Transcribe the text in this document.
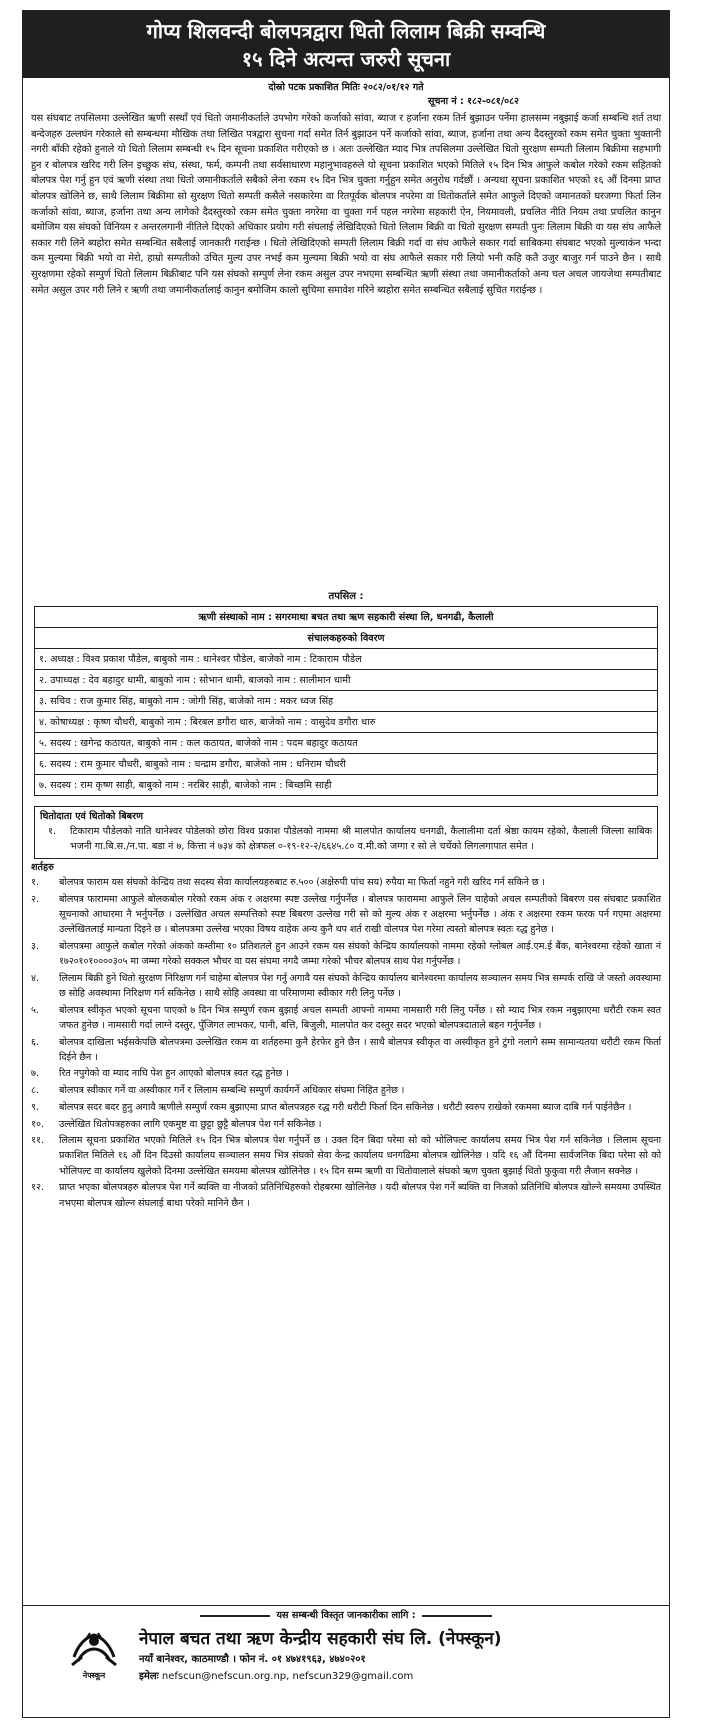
गोप्य शिलवन्दी बोलपत्रद्वारा धितो लिलाम बिक्री सम्वन्धि
१५ दिने अत्यन्त जरुरी सूचना
दोस्रो पटक प्रकाशित मितिः २०८२/०१/१२ गते
सूचना नं : १८२-०८१/०८२
यस संघबाट तपसिलमा उल्लेखित ऋणी सस्थाँ एवं धितो जमानीकर्ताले उपभोग गरेको कर्जाको सांवा, ब्याज र हर्जाना रकम तिर्न बुझाउन पर्नेमा हालसम्म नबुझाई कर्जा सम्बन्धि शर्त तथा बन्देजहरु उल्लघंन गरेकाले सो सम्बन्धमा मौखिक तथा लिखित पत्रद्वारा सुचना गर्दा समेत तिर्न बुझाउन पर्ने कर्जाको सांवा, ब्याज, हर्जाना तथा अन्य दैदस्तुरको रकम समेत चुक्ता भुक्तानी नगरी बाँकी रहेको हुनाले यो धितो लिलाम सम्बन्धी १५ दिन सूचना प्रकाशित गरीएको छ । अतः उल्लेखित म्याद भित्र तपसिलमा उल्लेखित धितो सुरक्षण सम्पती लिलाम बिक्रीमा सहभागी हुन र बोलपत्र खरिद गरी लिन इच्छुक संघ, संस्था, फर्म, कम्पनी तथा सर्वसाधारण महानुभावहरुले यो सूचना प्रकाशित भएको मितिले १५ दिन भित्र आफुले कबोल गरेको रकम सहितको बोलपत्र पेश गर्नु हुन एवं ऋणी संस्था तथा धितो जमानीकर्ताले सबैको लेना रकम १५ दिन भित्र चुक्ता गर्नुहुन समेत अनुरोध गर्दछौं । अन्यथा सूचना प्रकाशित भएको १६ औं दिनमा प्राप्त बोलपत्र खोलिने छ, साथै लिलाम बिक्रीमा सो सुरक्षण धितो सम्पती कसैले नसकारेमा वा रितपूर्वक बोलपत्र नपरेमा वा धितोकर्ताले समेत आफुले दिएको जमानतको घरजग्गा फिर्ता लिन कर्जाको सांवा, ब्याज, हर्जाना तथा अन्य लागेको दैदस्तुरको रकम समेत चुक्ता नगरेमा वा चुक्ता गर्न पहल नगरेमा सहकारी ऐन, नियमावली, प्रचलित नीति नियम तथा प्रचलित कानुन बमोजिम यस संघको विनियम र अन्तरलगानी नीतिले दिएको अधिकार प्रयोग गरी संघलाई लेखिदिएको धितो लिलाम बिक्री वा धितो सुरक्षण सम्पती पुनः लिलाम बिक्री वा यस संघ आफैले सकार गरी लिने ब्यहोरा समेत सम्बन्धित सबैलाई जानकारी गराईन्छ । धितो लेखिदिएको सम्पती लिलाम बिक्री गर्दा वा संघ आफैले सकार गर्दा साबिकमा संघबाट भएको मुल्याकंन भन्दा कम मुल्यमा बिक्री भयो वा मेरो, हाम्रो सम्पतीको उचित मुल्य उपर नभई कम मुल्यमा बिक्री भयो वा संघ आफैले सकार गरी लियो भनी कहि कतै उजुर बाजुर गर्न पाउने छैन । साथै सुरक्षणमा रहेको सम्पुर्ण धितो लिलाम बिक्रीबाट पनि यस संघको सम्पुर्ण लेना रकम असुल उपर नभएमा सम्बन्धित ऋणी संस्था तथा जमानीकर्ताको अन्य चल अचल जायजेथा सम्पतीबाट समेत असुल उपर गरी लिने र ऋणी तथा जमानीकर्तालाई कानुन बमोजिम कालो सुचिमा समावेश गरिने ब्यहोरा समेत सम्बन्धित सबैलाई सुचित गराईन्छ ।
तपसिल :
ऋणी संस्थाको नाम : सगरमाथा बचत तथा ऋण सहकारी संस्था लि, धनगढी, कैलाली
संचालकहरुको विवरण
१. अध्यक्ष : विश्व प्रकाश पौडेल, बाबुको नाम : थानेश्वर पौडेल, बाजेको नाम : टिकाराम पौडेल
२. उपाध्यक्ष : देव बहादुर धामी, बाबुको नाम : सोभान धामी, बाजको नाम : सालीमान धामी
३. सचिव : राज कुमार सिंह, बाबुको नाम : जोगी सिंह, बाजेको नाम : मकर ध्वज सिंह
४. कोषाध्यक्ष : कृष्ण चौधरी, बाबुको नाम : बिरबल डगौरा थारु, बाजेको नाम : वासुदेव डगौरा थारु
५. सदस्य : खगेन्द्र कठायत, बाबुको नाम : कल कठायत, बाजेको नाम : पदम बहादुर कठायत
६. सदस्य : राम कुमार चौधरी, बाबुको नाम : चन्द्राम डगौरा, बाजेको नाम : धनिराम चौधरी
७. सदस्य : राम कृष्ण साही, बाबुको नाम : नरबिर साही, बाजेको नाम : बिच्छमि साही
धितोदाता एवं धितोको बिबरण
१.	टिकाराम पौडेलको नाति थानेश्वर पोडेलको छोरा विश्व प्रकाश पौडेलको नाममा श्री मालपोत कार्यालय धनगढी, कैलालीमा दर्ता श्रेष्ठा कायम रहेको, कैलाली जिल्ला साबिक भजनी गा.बि.स./न.पा. बडा नं ७, कित्ता नं ७३४ को क्षेत्रफल ०-१९-१२-२/६६४५.८० व.मी.को जग्गा र सो ले चर्चेको लिगलगापात समेत ।
शर्तहरु
१.	बोलपत्र फाराम यस संघको केन्द्रिय तथा सदस्य सेवा कार्यालयहरुबाट रु.५०० (अक्षेरुपी पांच सय) रुपैया मा फिर्ता नहुने गरी खरिद गर्न सकिने छ ।
२.	बोलपत्र फाराममा आफुले बोलकबोल गरेको रकम अंक र अक्षरमा स्पष्ट उल्लेख गर्नुपर्नेछ । बोलपत्र फाराममा आफुले लिन चाहेको अचल सम्पतीको बिबरण यस संघबाट प्रकाशित सूचनाको आधारमा नै भर्नुपर्नेछ । उल्लेखित अचल सम्पत्तिको स्पष्ट बिबरण उल्लेख गरी सो को मुल्य अंक र अक्षरमा भर्नुपर्नेछ । अंक र अक्षरमा रकम फरक पर्न गएमा अक्षरमा उल्लेखितलाई मान्यता दिइने छ । बोलपत्रमा उल्लेख भएका विषय वाहेक अन्य कुनै थप शर्त राखी वोलपत्र पेश गरेमा त्यस्तो बोलपत्र स्वतः रद्ध हुनेछ ।
३.	बोलपत्रमा आफुले कबोल गरेको अंकको कम्तीमा १० प्रतिशतले हुन आउने रकम यस संघको केन्द्रिय कार्यालयको नाममा रहेको ग्लोबल आई.एम.ई बैंक, बानेश्वरमा रहेको खाता नं १७२०१०१००००३०५ मा जम्मा गरेको सक्कल भौचर वा यस संघमा नगदै जम्मा गरेको भौचर बोलपत्र साथ पेश गर्नुपर्नेछ ।
४.	लिलाम बिक्री हुने धितो सुरक्षण निरिक्षण गर्न चाहेमा बोलपत्र पेश गर्नु अगावै यस संघको केन्द्रिय कार्यालय बानेश्वरमा कार्यालय सञ्चालन समय भित्र सम्पर्क राखि जे जस्तो अवस्थामा छ सोहि अवस्थामा निरिक्षण गर्न सकिनेछ । साथै सोहि अवस्था वा परिमाणमा स्वीकार गरी लिनु पर्नेछ ।
५.	बोलपत्र स्वीकृत भएको सूचना पाएको ७ दिन भित्र सम्पुर्ण रकम बुझाई अचल सम्पती आफ्नो नाममा नामसारी गरी लिनु पर्नेछ । सो म्याद भित्र रकम नबुझाएमा धरौटी रकम स्वत जफत हुनेछ । नामसारी गर्दा लाग्ने दस्तुर, पुँजिगत लाभकर, पानी, बत्ति, बिजुली, मालपोत कर दस्तुर सदर भएको बोलपत्रदाताले बहन गर्नुपर्नेछ ।
६.	बोलपत्र दाखिला भईसकेपछि बोलपत्रमा उल्लेखित रकम वा शर्तहरुमा कुनै हेरफेर हुने छैन । साथै बोलपत्र स्वीकृत वा अस्वीकृत हुने टुंगो नलागे सम्म सामान्यतया धरौटी रकम फिर्ता दिईने छैन ।
७.	रित नपुगेको वा म्याद नाघि पेश हुन आएको बोलपत्र स्वत रद्ध हुनेछ ।
८.	बोलपत्र स्वीकार गर्ने वा अस्वीकार गर्ने र लिलाम सम्बन्धि सम्पुर्ण कार्यगर्ने अधिकार संघमा निहित हुनेछ ।
९.	बोलपत्र सदर बदर हुनु अगावै ऋणीले सम्पुर्ण रकम बुझाएमा प्राप्त बोलपत्रहरु रद्ध गरी धरौटी फिर्ता दिन सकिनेछ । धरौटी स्वरुप राखेको रकममा ब्याज दाबि गर्न पाईनेछैन ।
१०.	उल्लेखित धितोपत्रहरुका लागि एकमुष्ट वा छुट्टा छुट्टै बोलपत्र पेश गर्न सकिनेछ ।
११.	लिलाम सूचना प्रकाशित भएको मितिले १५ दिन भित्र बोलपत्र पेश गर्नुपर्ने छ । उक्त दिन बिदा परेमा सो को भोलिपल्ट कार्यालय समय भित्र पेश गर्न सकिनेछ । लिलाम सूचना प्रकाशित मितिले १६ औं दिन दिउसो कार्यालय सञ्चालन समय भित्र संघको सेवा केन्द्र कार्यालय धनगढिमा बोलपत्र खोलिनेछ । यदि १६ औं दिनमा सार्वजनिक बिदा परेमा सो को भोलिपल्ट वा कार्यालय खुलेको दिनमा उल्लेखित समयमा बोलपत्र खोलिनेछ । १५ दिन सम्म ऋणी वा धितोवालाले संघको ऋण चुक्ता बुझाई धितो फुकुवा गरी लैजान सक्नेछ ।
१२.	प्राप्त भएका बोलपत्रहरु बोलपत्र पेश गर्ने ब्यक्ति वा नीजको प्रतिनिधिहरुको रोहबरमा खोलिनेछ । यदी बोलपत्र पेश गर्ने ब्यक्ति वा निजको प्रतिनिधि बोलपत्र खोल्ने समयमा उपस्थित नभएमा बोलपत्र खोल्न संघलाई बाधा परेको मानिने छैन ।
यस सम्बन्धी विस्तृत जानकारीका लागि :
नेफ्स्कून
नेपाल बचत तथा ऋण केन्द्रीय सहकारी संघ लि. (नेफ्स्कून)
नयाँ बानेश्वर, काठमाण्डौ । फोन नं. ०१ ४७४१९६३, ४७४०२०१
इमेलः nefscun@nefscun.org.np, nefscun329@gmail.com
